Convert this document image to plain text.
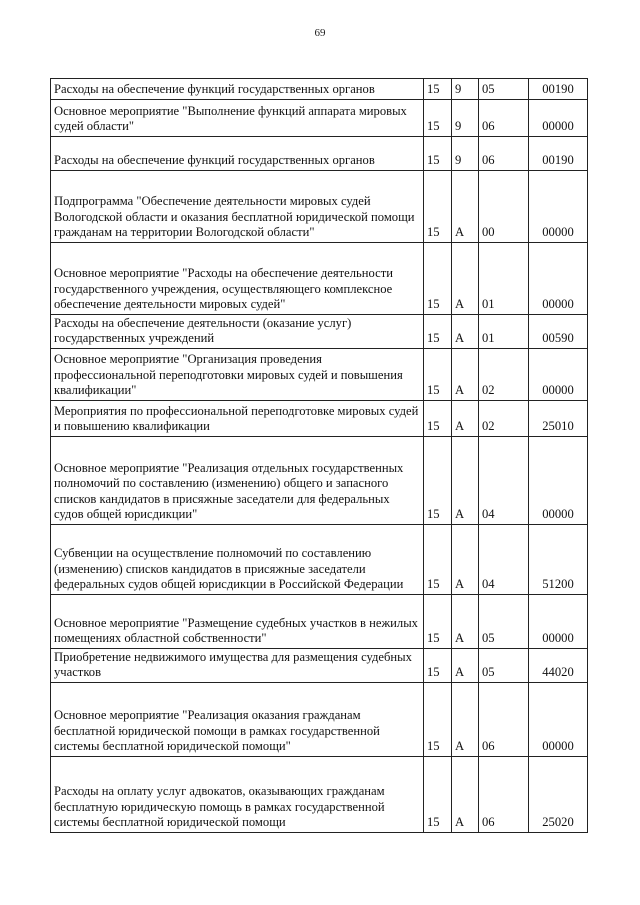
69
Расходы на обеспечение функций государственных органов	15	9	05	00190
Основное мероприятие "Выполнение функций аппарата мировых судей области"	15	9	06	00000
Расходы на обеспечение функций государственных органов	15	9	06	00190
Подпрограмма "Обеспечение деятельности мировых судей Вологодской области и оказания бесплатной юридической помощи гражданам на территории Вологодской области"	15	А	00	00000
Основное мероприятие "Расходы на обеспечение деятельности государственного учреждения, осуществляющего комплексное обеспечение деятельности мировых судей"	15	А	01	00000
Расходы на обеспечение деятельности (оказание услуг) государственных учреждений	15	А	01	00590
Основное мероприятие "Организация проведения профессиональной переподготовки мировых судей и повышения квалификации"	15	А	02	00000
Мероприятия по профессиональной переподготовке мировых судей и повышению квалификации	15	А	02	25010
Основное мероприятие "Реализация отдельных государственных полномочий по составлению (изменению) общего и запасного списков кандидатов в присяжные заседатели для федеральных судов общей юрисдикции"	15	А	04	00000
Субвенции на осуществление полномочий по составлению (изменению) списков кандидатов в присяжные заседатели федеральных судов общей юрисдикции в Российской Федерации	15	А	04	51200
Основное мероприятие "Размещение судебных участков в нежилых помещениях областной собственности"	15	А	05	00000
Приобретение недвижимого имущества для размещения судебных участков	15	А	05	44020
Основное мероприятие "Реализация оказания гражданам бесплатной юридической помощи в рамках государственной системы бесплатной юридической помощи"	15	А	06	00000
Расходы на оплату услуг адвокатов, оказывающих гражданам бесплатную юридическую помощь в рамках государственной системы бесплатной юридической помощи	15	А	06	25020
